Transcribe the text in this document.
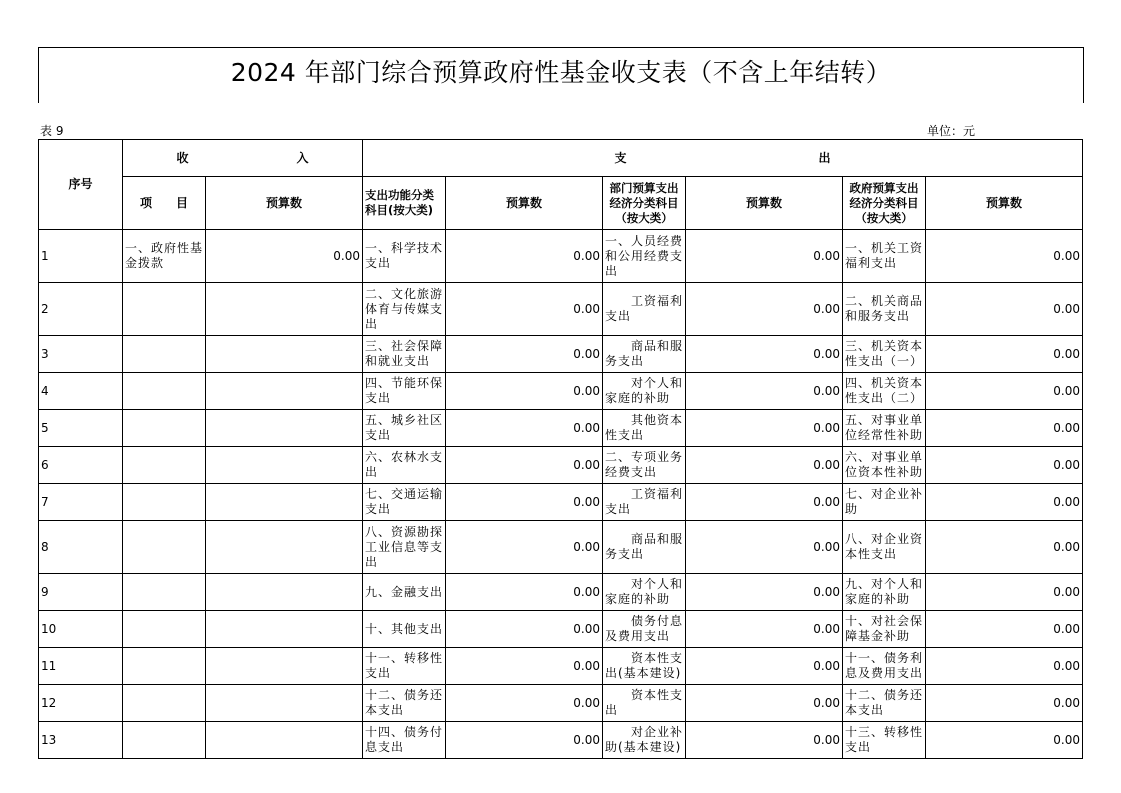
2024 年部门综合预算政府性基金收支表（不含上年结转）
表 9	单位：元
序号	收　　　　　　　　　入		支　　　　　　　　　　　　　　　　出					
	项　　目	预算数	支出功能分类科目(按大类)	预算数	部门预算支出经济分类科目（按大类）	预算数	政府预算支出经济分类科目（按大类）	预算数
1	一、政府性基金拨款	0.00	一、科学技术支出	0.00	一、人员经费和公用经费支出	0.00	一、机关工资福利支出	0.00
2			二、文化旅游体育与传媒支出	0.00	　　工资福利支出	0.00	二、机关商品和服务支出	0.00
3			三、社会保障和就业支出	0.00	　　商品和服务支出	0.00	三、机关资本性支出（一）	0.00
4			四、节能环保支出	0.00	　　对个人和家庭的补助	0.00	四、机关资本性支出（二）	0.00
5			五、城乡社区支出	0.00	　　其他资本性支出	0.00	五、对事业单位经常性补助	0.00
6			六、农林水支出	0.00	二、专项业务经费支出	0.00	六、对事业单位资本性补助	0.00
7			七、交通运输支出	0.00	　　工资福利支出	0.00	七、对企业补助	0.00
8			八、资源勘探工业信息等支出	0.00	　　商品和服务支出	0.00	八、对企业资本性支出	0.00
9			九、金融支出	0.00	　　对个人和家庭的补助	0.00	九、对个人和家庭的补助	0.00
10			十、其他支出	0.00	　　债务付息及费用支出	0.00	十、对社会保障基金补助	0.00
11			十一、转移性支出	0.00	　　资本性支出(基本建设)	0.00	十一、债务利息及费用支出	0.00
12			十二、债务还本支出	0.00	　　资本性支出	0.00	十二、债务还本支出	0.00
13			十四、债务付息支出	0.00	　　对企业补助(基本建设)	0.00	十三、转移性支出	0.00
